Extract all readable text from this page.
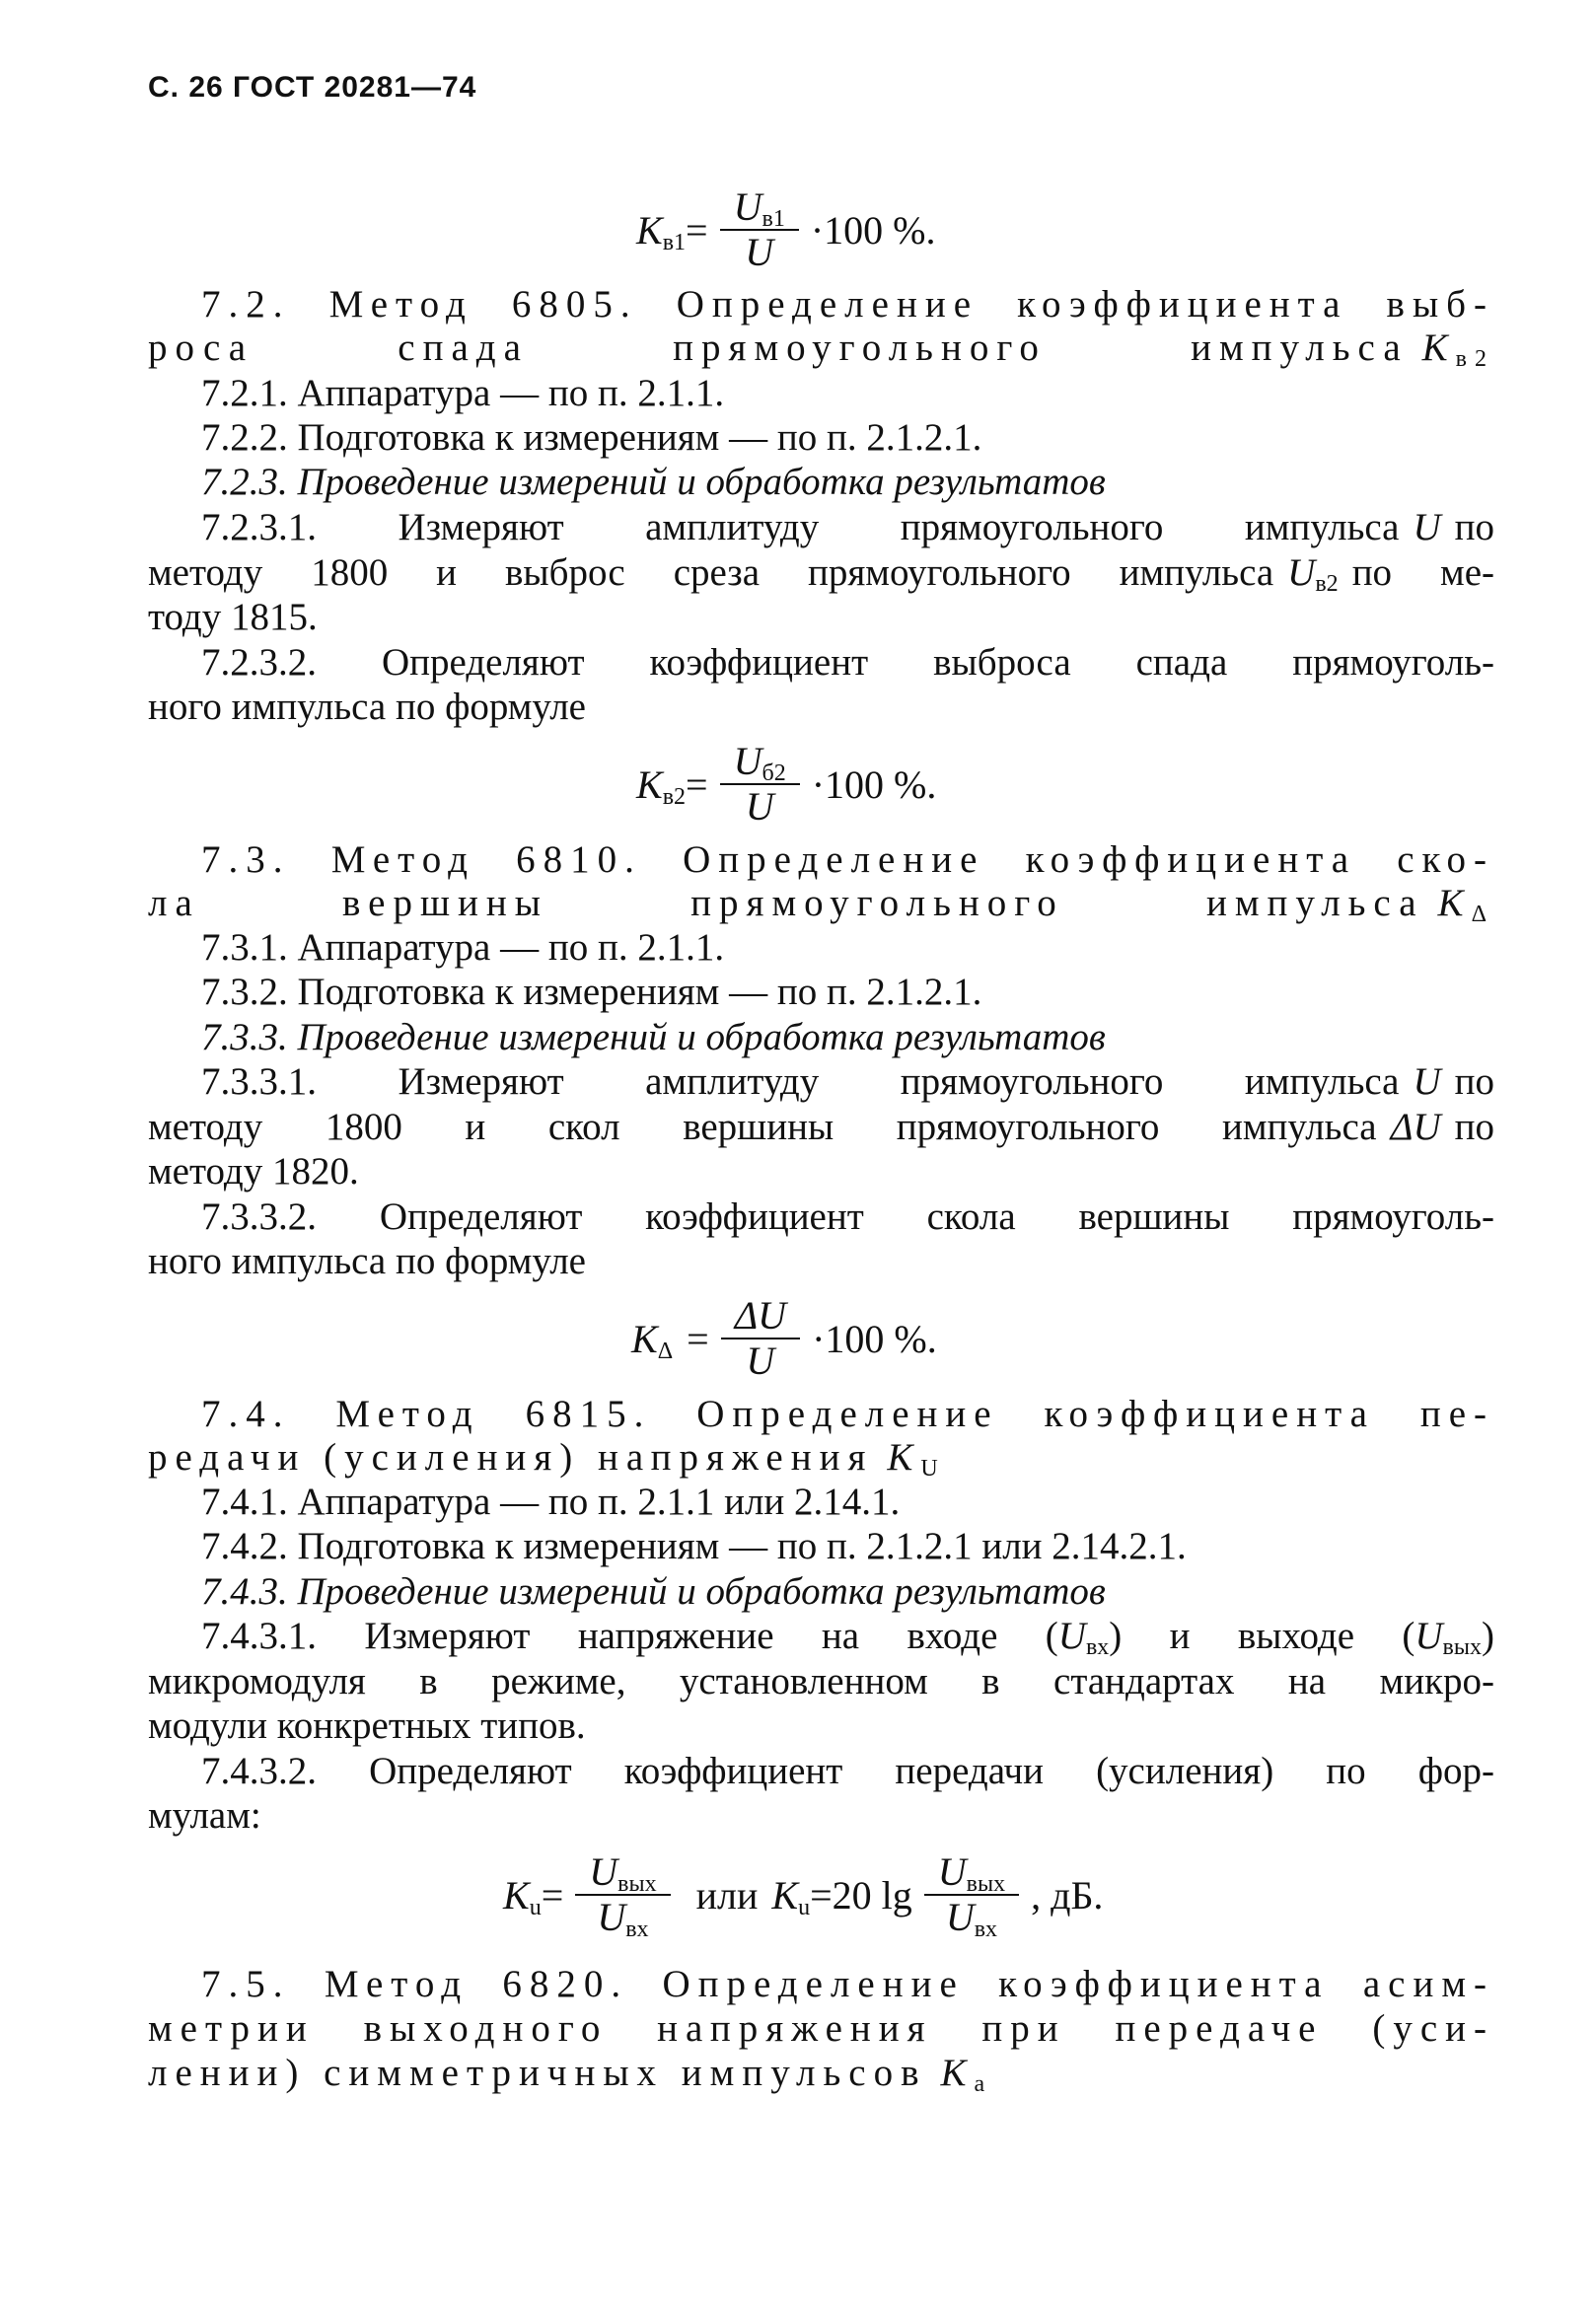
С. 26 ГОСТ 20281—74
$K_{в1} = \frac{U_{в1}}{U} \cdot 100$ %.
7.2. Метод 6805. Определение коэффициента выб-
роса спада прямоугольного импульса $K_{в2}$
7.2.1. Аппаратура — по п. 2.1.1.
7.2.2. Подготовка к измерениям — по п. 2.1.2.1.
7.2.3. Проведение измерений и обработка результатов
7.2.3.1. Измеряют амплитуду прямоугольного импульса U по
методу 1800 и выброс среза прямоугольного импульса $U_{в2}$ по ме-
тоду 1815.
7.2.3.2. Определяют коэффициент выброса спада прямоуголь-
ного импульса по формуле
$K_{в2} = \frac{U_{б2}}{U} \cdot 100$ %.
7.3. Метод 6810. Определение коэффициента ско-
ла вершины прямоугольного импульса $K_\Delta$
7.3.1. Аппаратура — по п. 2.1.1.
7.3.2. Подготовка к измерениям — по п. 2.1.2.1.
7.3.3. Проведение измерений и обработка результатов
7.3.3.1. Измеряют амплитуду прямоугольного импульса U по
методу 1800 и скол вершины прямоугольного импульса ΔU по
методу 1820.
7.3.3.2. Определяют коэффициент скола вершины прямоуголь-
ного импульса по формуле
$K_\Delta = \frac{\Delta U}{U} \cdot 100$ %.
7.4. Метод 6815. Определение коэффициента пе-
редачи (усиления) напряжения $K_U$
7.4.1. Аппаратура — по п. 2.1.1 или 2.14.1.
7.4.2. Подготовка к измерениям — по п. 2.1.2.1 или 2.14.2.1.
7.4.3. Проведение измерений и обработка результатов
7.4.3.1. Измеряют напряжение на входе $(U_{вх})$ и выходе $(U_{вых})$
микромодуля в режиме, установленном в стандартах на микро-
модули конкретных типов.
7.4.3.2. Определяют коэффициент передачи (усиления) по фор-
мулам:
$K_u = \frac{U_{вых}}{U_{вх}}$ или $K_u =20$ $\lg \frac{U_{вых}}{U_{вх}}$ , дБ.
7.5. Метод 6820. Определение коэффициента асим-
метрии выходного напряжения при передаче (уси-
лении) симметричных импульсов $K_а$
